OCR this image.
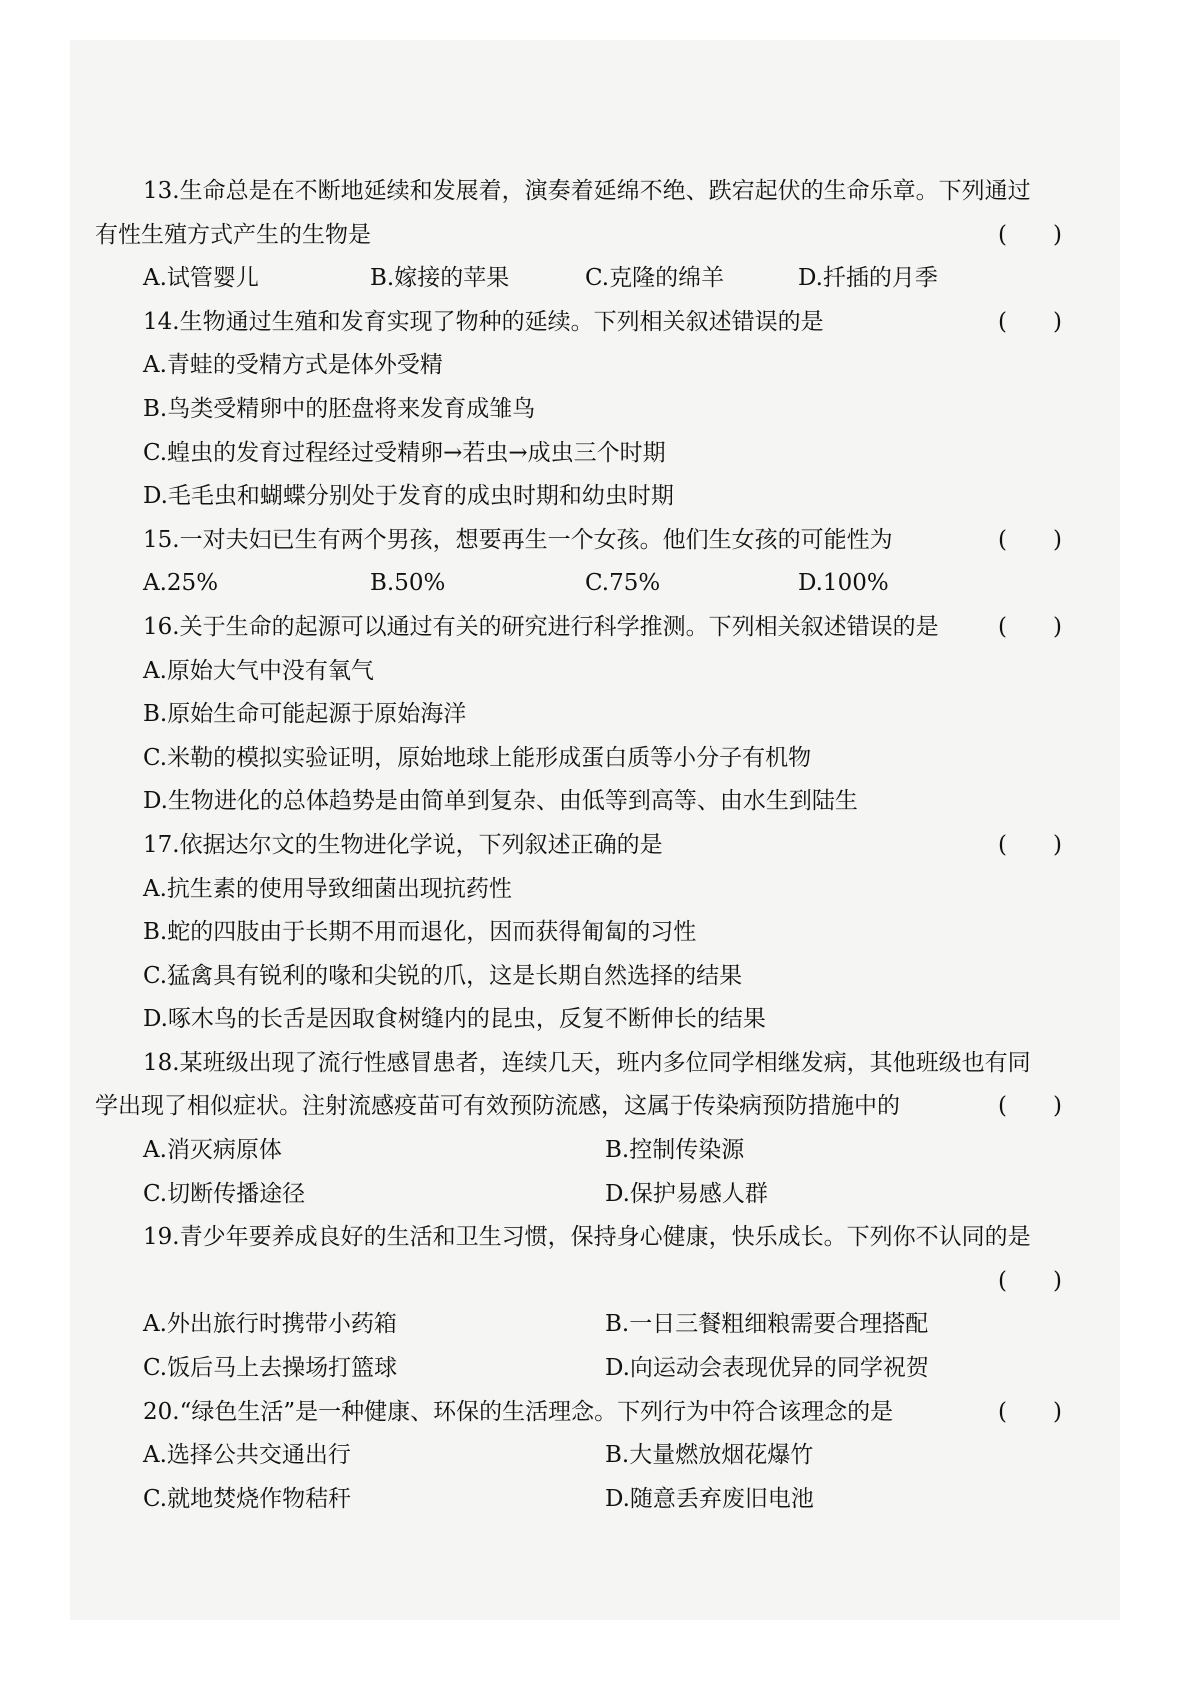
13.生命总是在不断地延续和发展着，演奏着延绵不绝、跌宕起伏的生命乐章。下列通过
有性生殖方式产生的生物是	(　　)
A.试管婴儿	B.嫁接的苹果	C.克隆的绵羊	D.扦插的月季
14.生物通过生殖和发育实现了物种的延续。下列相关叙述错误的是	(　　)
A.青蛙的受精方式是体外受精
B.鸟类受精卵中的胚盘将来发育成雏鸟
C.蝗虫的发育过程经过受精卵→若虫→成虫三个时期
D.毛毛虫和蝴蝶分别处于发育的成虫时期和幼虫时期
15.一对夫妇已生有两个男孩，想要再生一个女孩。他们生女孩的可能性为	(　　)
A.25%	B.50%	C.75%	D.100%
16.关于生命的起源可以通过有关的研究进行科学推测。下列相关叙述错误的是	(　　)
A.原始大气中没有氧气
B.原始生命可能起源于原始海洋
C.米勒的模拟实验证明，原始地球上能形成蛋白质等小分子有机物
D.生物进化的总体趋势是由简单到复杂、由低等到高等、由水生到陆生
17.依据达尔文的生物进化学说，下列叙述正确的是	(　　)
A.抗生素的使用导致细菌出现抗药性
B.蛇的四肢由于长期不用而退化，因而获得匍匐的习性
C.猛禽具有锐利的喙和尖锐的爪，这是长期自然选择的结果
D.啄木鸟的长舌是因取食树缝内的昆虫，反复不断伸长的结果
18.某班级出现了流行性感冒患者，连续几天，班内多位同学相继发病，其他班级也有同
学出现了相似症状。注射流感疫苗可有效预防流感，这属于传染病预防措施中的	(　　)
A.消灭病原体	B.控制传染源
C.切断传播途径	D.保护易感人群
19.青少年要养成良好的生活和卫生习惯，保持身心健康，快乐成长。下列你不认同的是
(　　)
A.外出旅行时携带小药箱	B.一日三餐粗细粮需要合理搭配
C.饭后马上去操场打篮球	D.向运动会表现优异的同学祝贺
20.“绿色生活”是一种健康、环保的生活理念。下列行为中符合该理念的是	(　　)
A.选择公共交通出行	B.大量燃放烟花爆竹
C.就地焚烧作物秸秆	D.随意丢弃废旧电池
